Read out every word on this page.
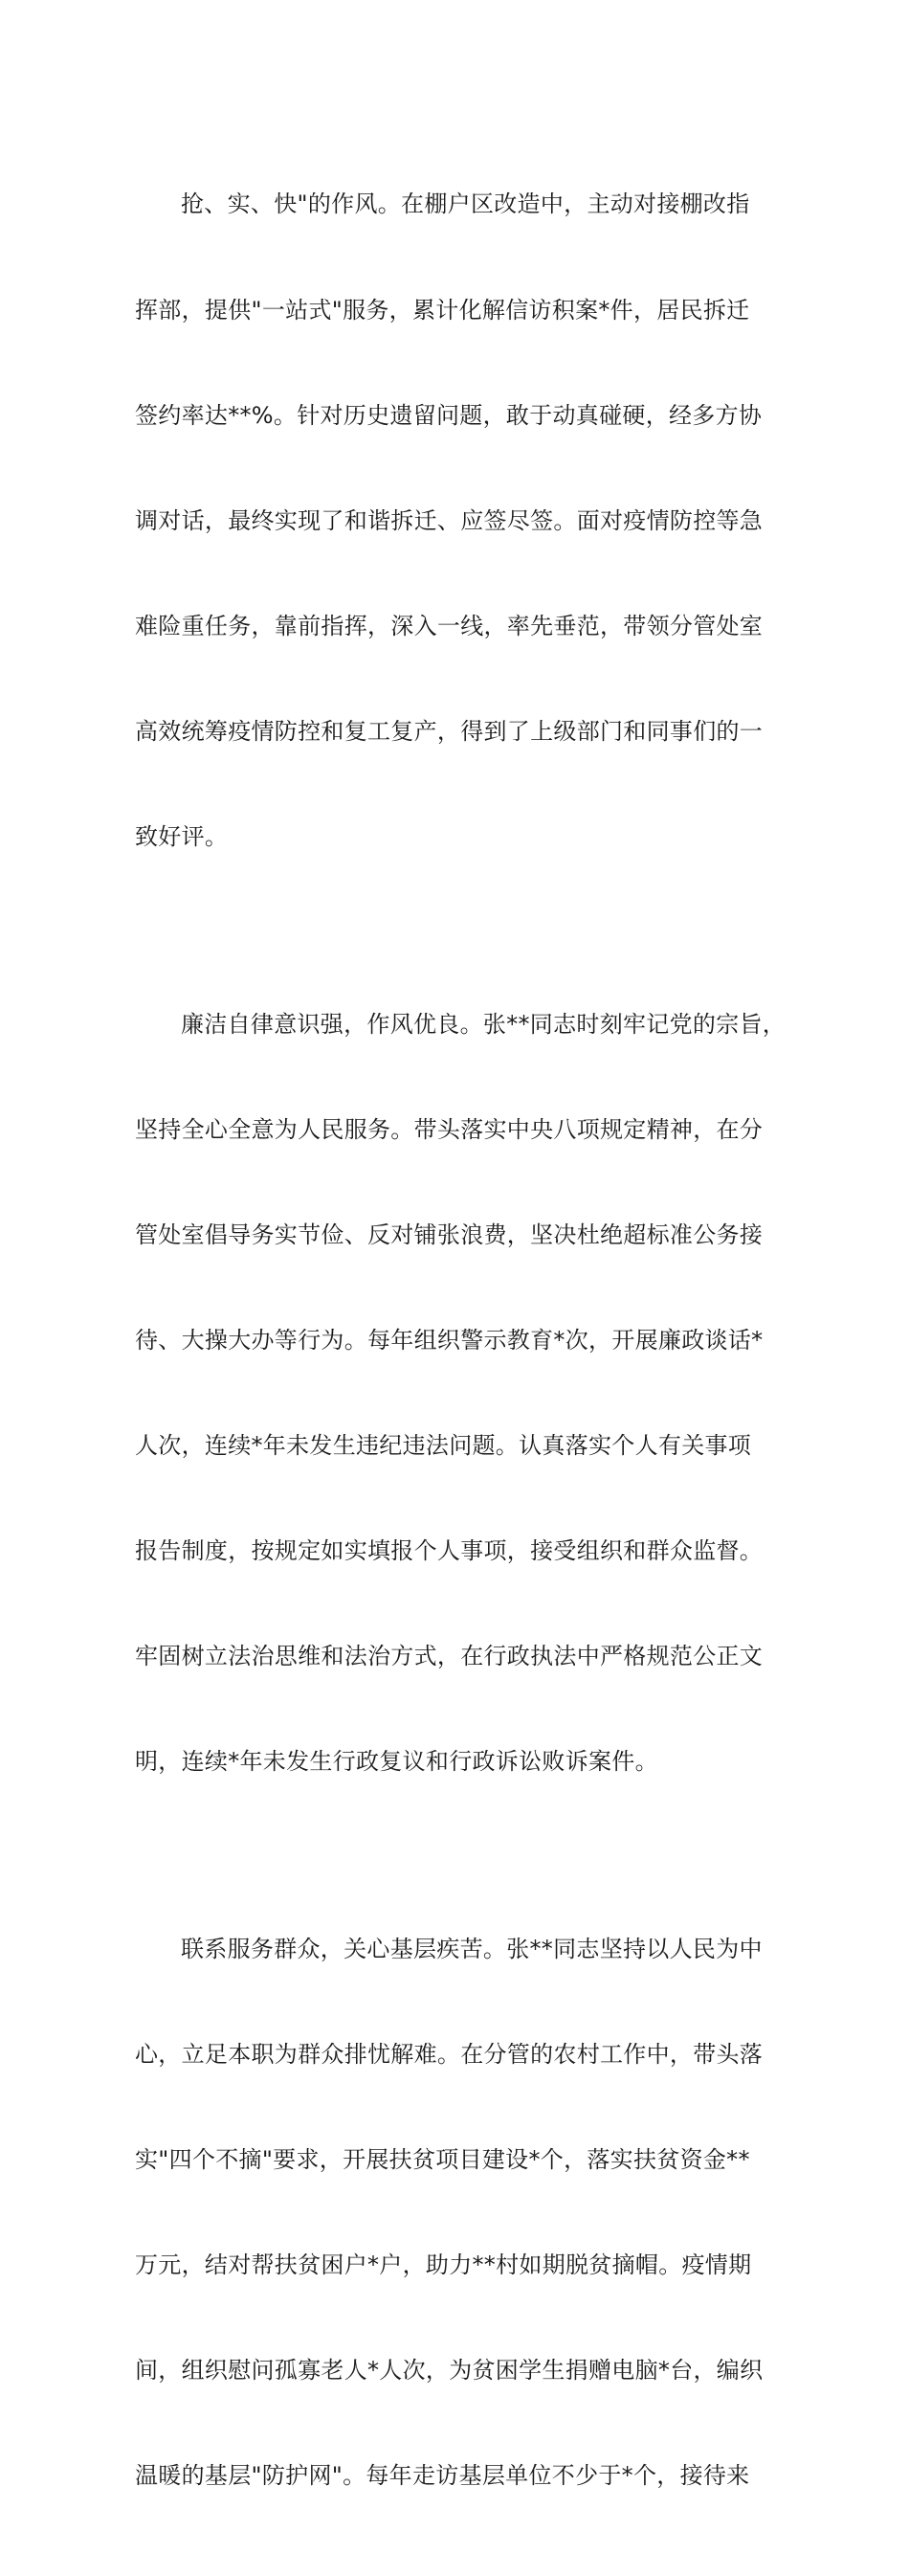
抢、实、快"的作风。在棚户区改造中，主动对接棚改指

挥部，提供"一站式"服务，累计化解信访积案*件，居民拆迁

签约率达**%。针对历史遗留问题，敢于动真碰硬，经多方协

调对话，最终实现了和谐拆迁、应签尽签。面对疫情防控等急

难险重任务，靠前指挥，深入一线，率先垂范，带领分管处室

高效统筹疫情防控和复工复产，得到了上级部门和同事们的一

致好评。

廉洁自律意识强，作风优良。张**同志时刻牢记党的宗旨，

坚持全心全意为人民服务。带头落实中央八项规定精神，在分

管处室倡导务实节俭、反对铺张浪费，坚决杜绝超标准公务接

待、大操大办等行为。每年组织警示教育*次，开展廉政谈话*

人次，连续*年未发生违纪违法问题。认真落实个人有关事项

报告制度，按规定如实填报个人事项，接受组织和群众监督。

牢固树立法治思维和法治方式，在行政执法中严格规范公正文

明，连续*年未发生行政复议和行政诉讼败诉案件。

联系服务群众，关心基层疾苦。张**同志坚持以人民为中

心，立足本职为群众排忧解难。在分管的农村工作中，带头落

实"四个不摘"要求，开展扶贫项目建设*个，落实扶贫资金**

万元，结对帮扶贫困户*户，助力**村如期脱贫摘帽。疫情期

间，组织慰问孤寡老人*人次，为贫困学生捐赠电脑*台，编织

温暖的基层"防护网"。每年走访基层单位不少于*个，接待来
